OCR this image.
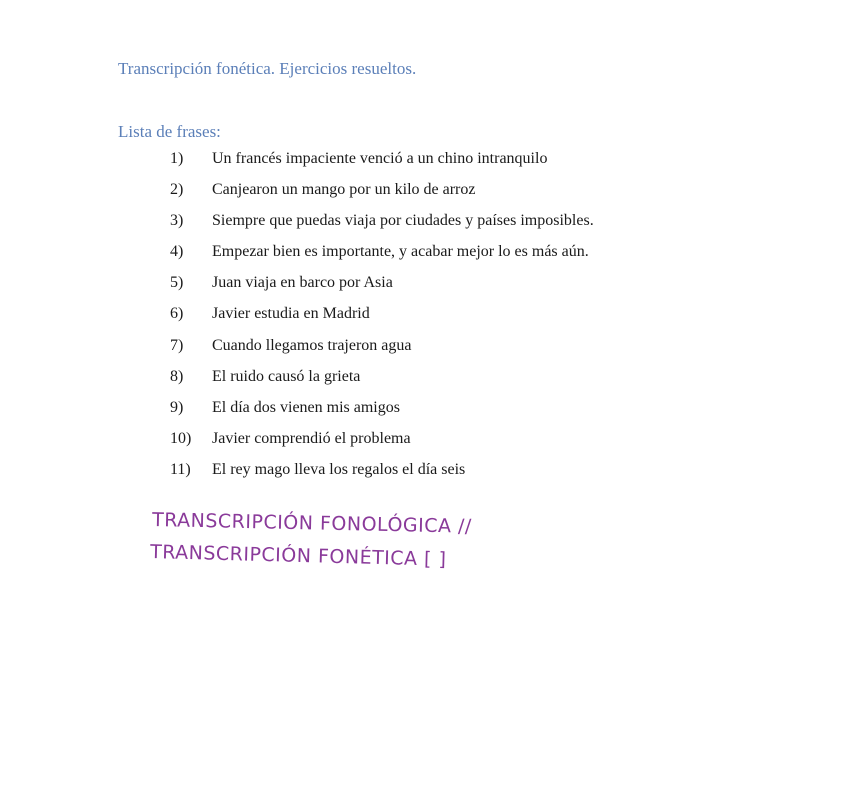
Transcripción fonética. Ejercicios resueltos.
Lista de frases:
1)	Un francés impaciente venció a un chino intranquilo
2)	Canjearon un mango por un kilo de arroz
3)	Siempre que puedas viaja por ciudades y países imposibles.
4)	Empezar bien es importante, y acabar mejor lo es más aún.
5)	Juan viaja en barco por Asia
6)	Javier estudia en Madrid
7)	Cuando llegamos trajeron agua
8)	El ruido causó la grieta
9)	El día dos vienen mis amigos
10)	Javier comprendió el problema
11)	El rey mago lleva los regalos el día seis
TRANSCRIPCIÓN FONOLÓGICA //
TRANSCRIPCIÓN FONÉTICA [ ]
